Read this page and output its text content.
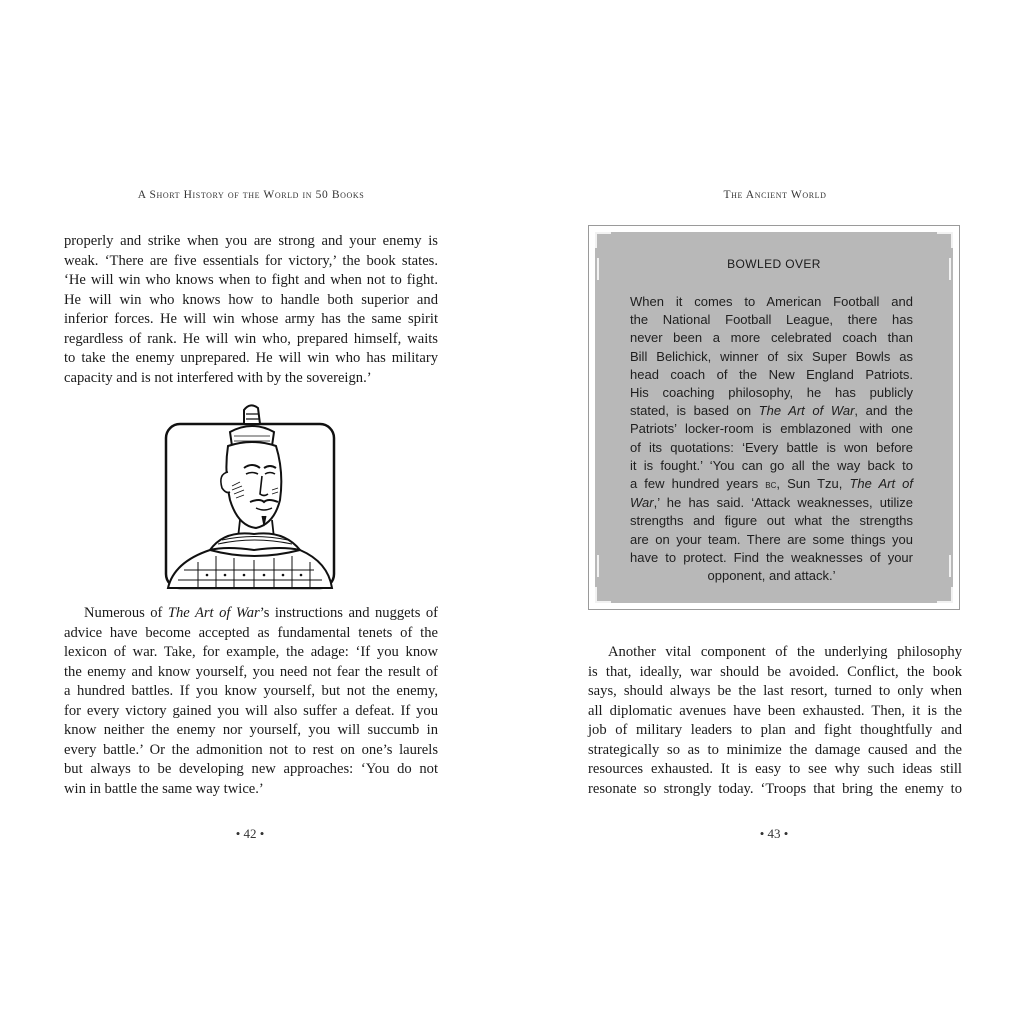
A Short History of the World in 50 Books

properly and strike when you are strong and your enemy is
weak. ‘There are five essentials for victory,’ the book states.
‘He will win who knows when to fight and when not to fight.
He will win who knows how to handle both superior and
inferior forces. He will win whose army has the same spirit
regardless of rank. He will win who, prepared himself, waits
to take the enemy unprepared. He will win who has military
capacity and is not interfered with by the sovereign.’

Numerous of The Art of War’s instructions and nuggets of
advice have become accepted as fundamental tenets of the
lexicon of war. Take, for example, the adage: ‘If you know
the enemy and know yourself, you need not fear the result of
a hundred battles. If you know yourself, but not the enemy,
for every victory gained you will also suffer a defeat. If you
know neither the enemy nor yourself, you will succumb in
every battle.’ Or the admonition not to rest on one’s laurels
but always to be developing new approaches: ‘You do not
win in battle the same way twice.’

• 42 •
The Ancient World
BOWLED OVER

When it comes to American Football and
the National Football League, there has
never been a more celebrated coach than
Bill Belichick, winner of six Super Bowls as
head coach of the New England Patriots.
His coaching philosophy, he has publicly
stated, is based on The Art of War, and the
Patriots’ locker-room is emblazoned with one
of its quotations: ‘Every battle is won before
it is fought.’ ‘You can go all the way back to
a few hundred years bc, Sun Tzu, The Art of
War,’ he has said. ‘Attack weaknesses, utilize
strengths and figure out what the strengths
are on your team. There are some things you
have to protect. Find the weaknesses of your
opponent, and attack.’

Another vital component of the underlying philosophy
is that, ideally, war should be avoided. Conflict, the book
says, should always be the last resort, turned to only when
all diplomatic avenues have been exhausted. Then, it is the
job of military leaders to plan and fight thoughtfully and
strategically so as to minimize the damage caused and the
resources exhausted. It is easy to see why such ideas still
resonate so strongly today. ‘Troops that bring the enemy to

• 43 •
